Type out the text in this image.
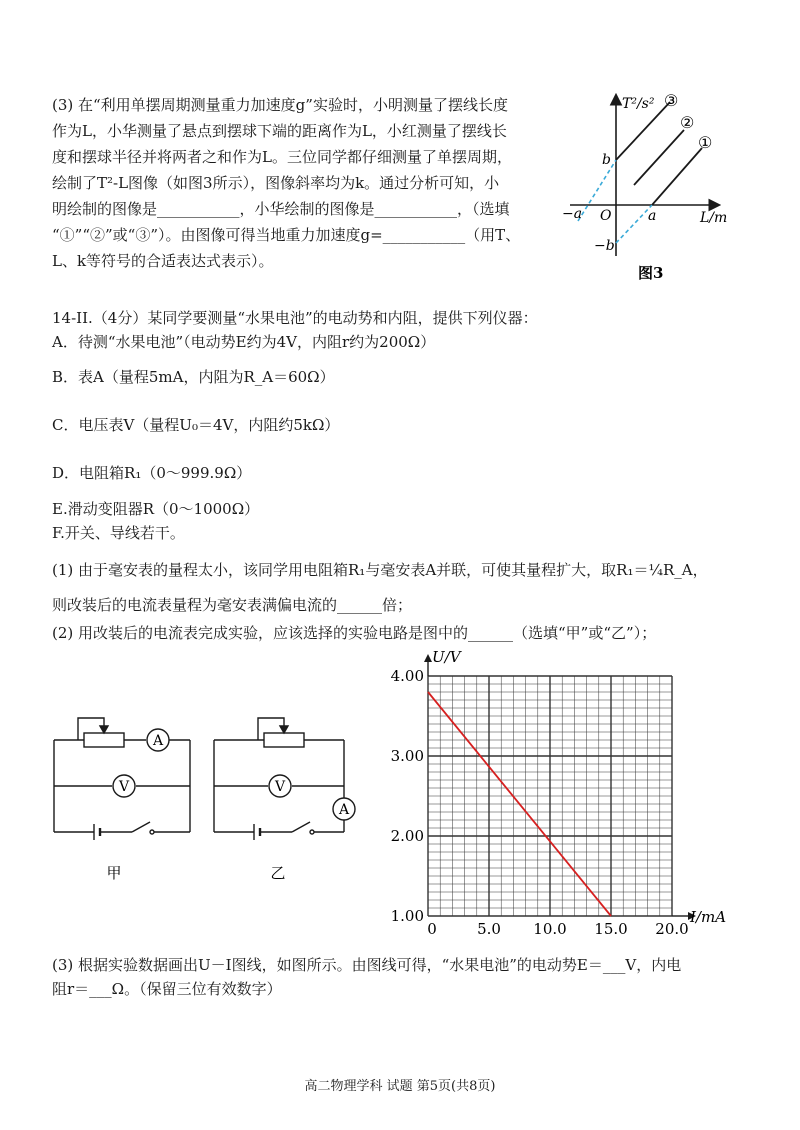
(3) 在“利用单摆周期测量重力加速度g”实验时，小明测量了摆线长度
作为L，小华测量了悬点到摆球下端的距离作为L，小红测量了摆线长
度和摆球半径并将两者之和作为L。三位同学都仔细测量了单摆周期，
绘制了T²-L图像（如图3所示），图像斜率均为k。通过分析可知，小
明绘制的图像是___________，小华绘制的图像是___________，（选填
“①”“②”或“③”）。由图像可得当地重力加速度g=___________（用T、
L、k等符号的合适表达式表示）。
T²/s²
L/m
O
b
−b
a
−a
③
②
①
图3
14-II.（4分）某同学要测量“水果电池”的电动势和内阻，提供下列仪器：
A．待测“水果电池”（电动势E约为4V，内阻r约为200Ω）
B．表A（量程5mA，内阻为R_A＝60Ω）
C．电压表V（量程U₀＝4V，内阻约5kΩ）
D．电阻箱R₁（0～999.9Ω）
E.滑动变阻器R（0～1000Ω）
F.开关、导线若干。
(1) 由于毫安表的量程太小，该同学用电阻箱R₁与毫安表A并联，可使其量程扩大，取R₁＝¼R_A，
则改装后的电流表量程为毫安表满偏电流的______倍；
(2) 用改装后的电流表完成实验，应该选择的实验电路是图中的______（选填“甲”或“乙”）；
A
V
甲
A
V
乙
0	5.0 10.0 15.0 20.0
1.00
2.00
3.00
4.00
U/V
I/mA
(3) 根据实验数据画出U－I图线，如图所示。由图线可得，“水果电池”的电动势E＝___V，内电
阻r＝___Ω。（保留三位有效数字）
高二物理学科 试题 第5页(共8页)
